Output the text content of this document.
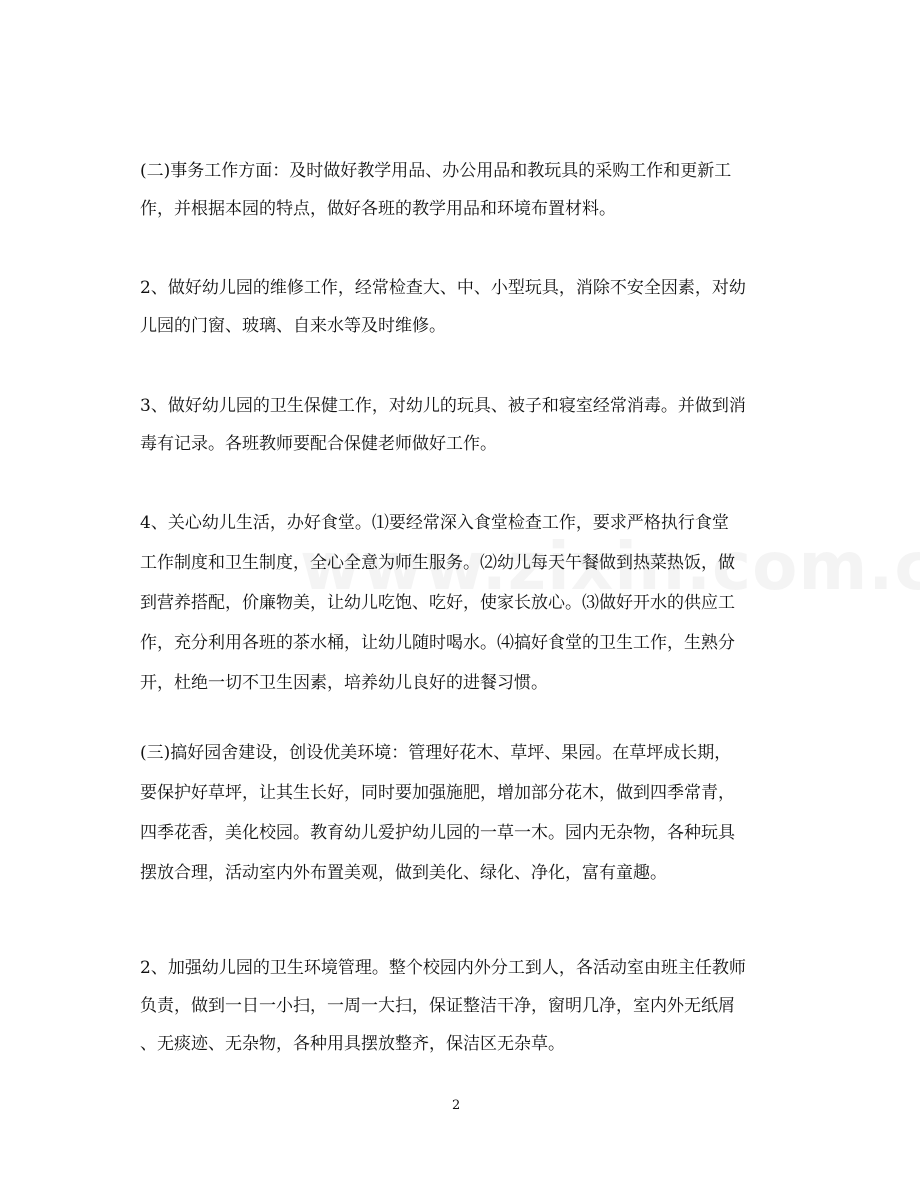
(二)事务工作方面：及时做好教学用品、办公用品和教玩具的采购工作和更新工
作，并根据本园的特点，做好各班的教学用品和环境布置材料。

2、做好幼儿园的维修工作，经常检查大、中、小型玩具，消除不安全因素，对幼
儿园的门窗、玻璃、自来水等及时维修。

3、做好幼儿园的卫生保健工作，对幼儿的玩具、被子和寝室经常消毒。并做到消
毒有记录。各班教师要配合保健老师做好工作。

4、关心幼儿生活，办好食堂。⑴要经常深入食堂检查工作，要求严格执行食堂
工作制度和卫生制度，全心全意为师生服务。⑵幼儿每天午餐做到热菜热饭，做
到营养搭配，价廉物美，让幼儿吃饱、吃好，使家长放心。⑶做好开水的供应工
作，充分利用各班的茶水桶，让幼儿随时喝水。⑷搞好食堂的卫生工作，生熟分
开，杜绝一切不卫生因素，培养幼儿良好的进餐习惯。

(三)搞好园舍建设，创设优美环境：管理好花木、草坪、果园。在草坪成长期，
要保护好草坪，让其生长好，同时要加强施肥，增加部分花木，做到四季常青，
四季花香，美化校园。教育幼儿爱护幼儿园的一草一木。园内无杂物，各种玩具
摆放合理，活动室内外布置美观，做到美化、绿化、净化，富有童趣。

2、加强幼儿园的卫生环境管理。整个校园内外分工到人，各活动室由班主任教师
负责，做到一日一小扫，一周一大扫，保证整洁干净，窗明几净，室内外无纸屑
、无痰迹、无杂物，各种用具摆放整齐，保洁区无杂草。

2
